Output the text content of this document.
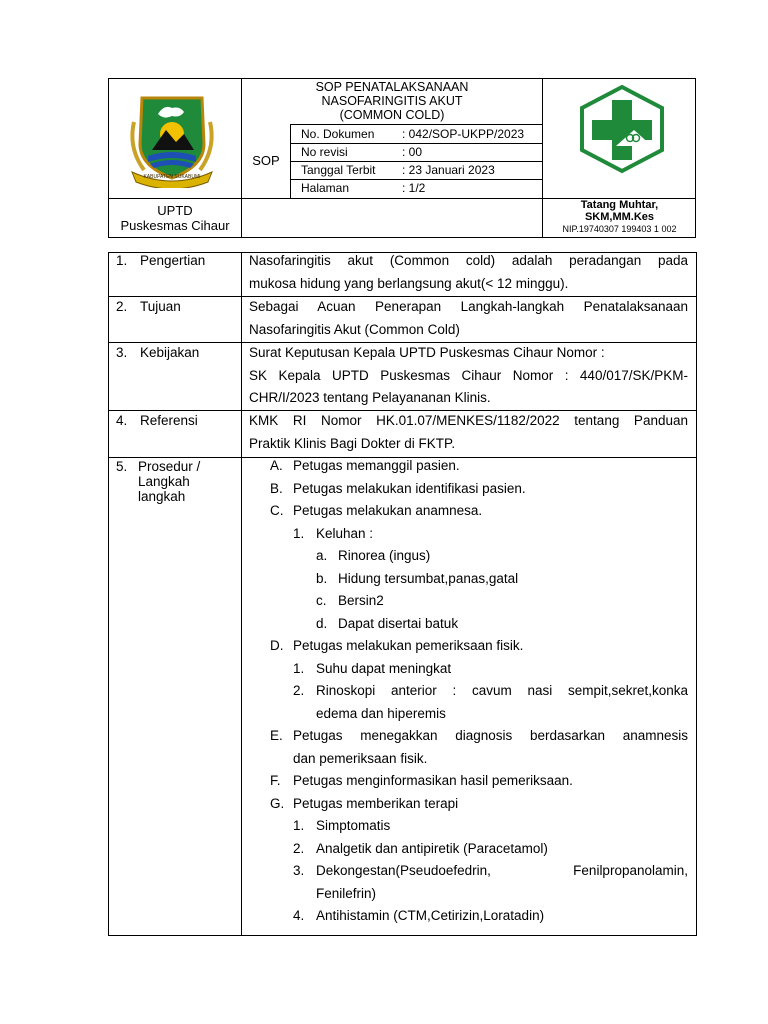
KABUPATEN SUKABUMI
SOP PENATALAKSANAAN
NASOFARINGITIS AKUT
(COMMON COLD)
SOP
No. Dokumen : 042/SOP-UKPP/2023
No revisi	: 00
Tanggal Terbit : 23 Januari 2023
Halaman	: 1/2
UPTD
Puskesmas Cihaur
Tatang Muhtar,
SKM,MM.Kes
NIP.19740307 199403 1 002
1. Pengertian	Nasofaringitis akut (Common cold) adalah peradangan pada
mukosa hidung yang berlangsung akut(< 12 minggu).
2. Tujuan	Sebagai Acuan Penerapan Langkah-langkah Penatalaksanaan
Nasofaringitis Akut (Common Cold)
3. Kebijakan	Surat Keputusan Kepala UPTD Puskesmas Cihaur Nomor :
SK Kepala UPTD Puskesmas Cihaur Nomor : 440/017/SK/PKM-
CHR/I/2023 tentang Pelayananan Klinis.
4. Referensi	KMK RI Nomor HK.01.07/MENKES/1182/2022 tentang Panduan
Praktik Klinis Bagi Dokter di FKTP.
5. Prosedur /
Langkah
langkah
A. Petugas memanggil pasien.
B. Petugas melakukan identifikasi pasien.
C. Petugas melakukan anamnesa.
1. Keluhan :
a. Rinorea (ingus)
b. Hidung tersumbat,panas,gatal
c. Bersin2
d. Dapat disertai batuk
D. Petugas melakukan pemeriksaan fisik.
1. Suhu dapat meningkat
2. Rinoskopi anterior : cavum nasi sempit,sekret,konka
edema dan hiperemis
E. Petugas menegakkan diagnosis berdasarkan anamnesis
dan pemeriksaan fisik.
F. Petugas menginformasikan hasil pemeriksaan.
G. Petugas memberikan terapi
1. Simptomatis
2. Analgetik dan antipiretik (Paracetamol)
3. Dekongestan(Pseudoefedrin,                Fenilpropanolamin,
Fenilefrin)
4. Antihistamin (CTM,Cetirizin,Loratadin)
